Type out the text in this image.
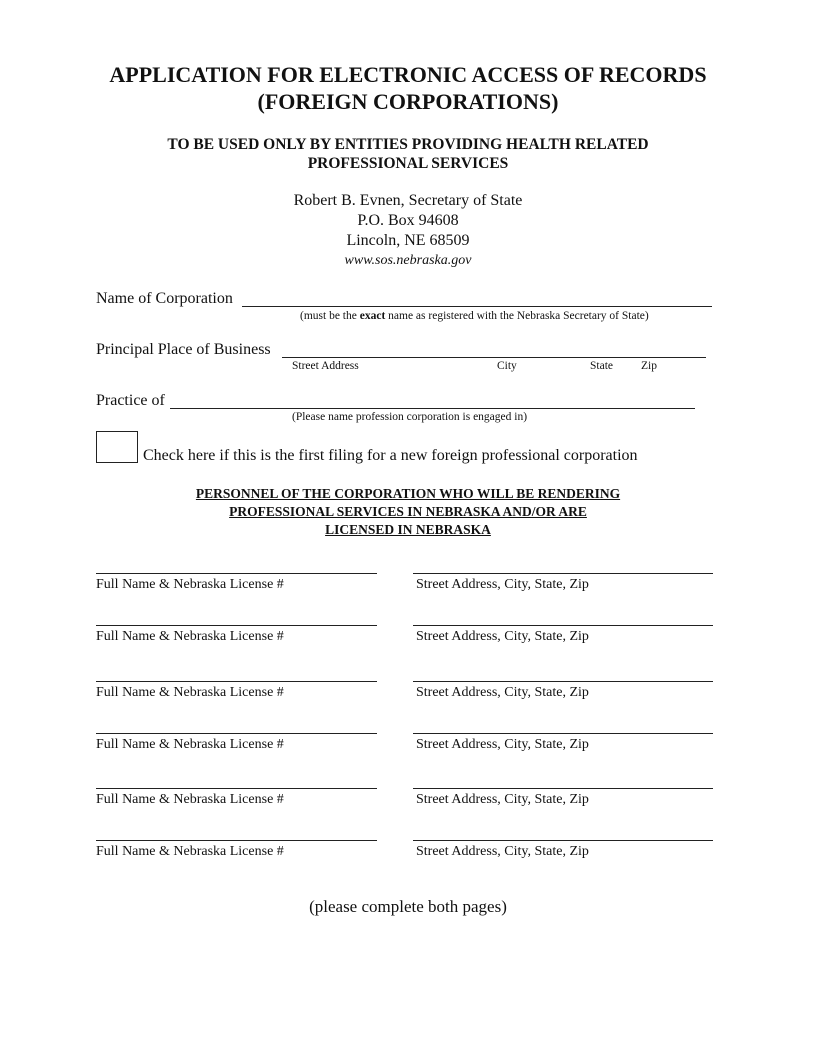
APPLICATION FOR ELECTRONIC ACCESS OF RECORDS
(FOREIGN CORPORATIONS)
TO BE USED ONLY BY ENTITIES PROVIDING HEALTH RELATED
PROFESSIONAL SERVICES
Robert B. Evnen, Secretary of State
P.O. Box 94608
Lincoln, NE 68509
www.sos.nebraska.gov
Name of Corporation
(must be the exact name as registered with the Nebraska Secretary of State)
Principal Place of Business
Street Address	City	State Zip
Practice of
(Please name profession corporation is engaged in)
Check here if this is the first filing for a new foreign professional corporation
PERSONNEL OF THE CORPORATION WHO WILL BE RENDERING
PROFESSIONAL SERVICES IN NEBRASKA AND/OR ARE
LICENSED IN NEBRASKA
Full Name & Nebraska License #	Street Address, City, State, Zip
Full Name & Nebraska License #	Street Address, City, State, Zip
Full Name & Nebraska License #	Street Address, City, State, Zip
Full Name & Nebraska License #	Street Address, City, State, Zip
Full Name & Nebraska License #	Street Address, City, State, Zip
Full Name & Nebraska License #	Street Address, City, State, Zip
(please complete both pages)
